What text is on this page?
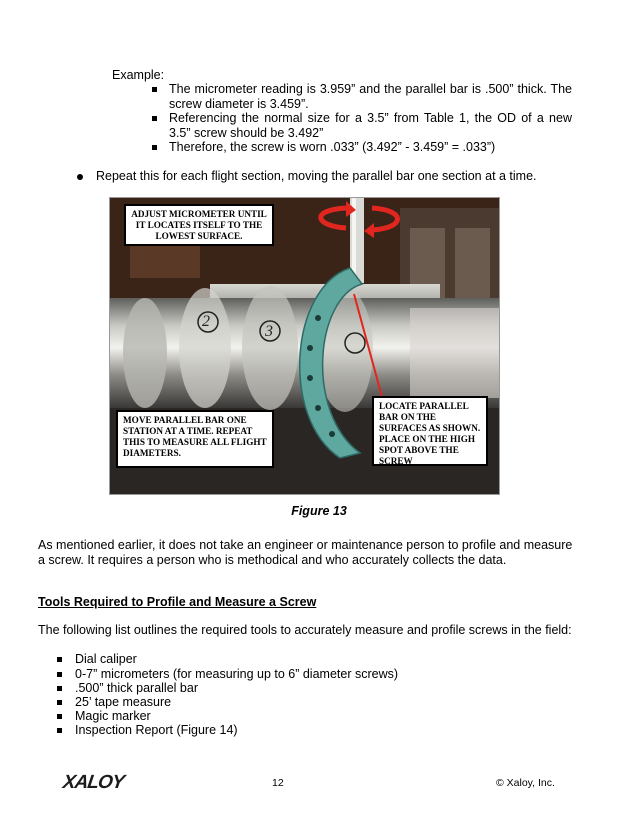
Example:
The micrometer reading is 3.959” and the parallel bar is .500” thick. The screw diameter is 3.459”.
Referencing the normal size for a 3.5” from Table 1, the OD of a new 3.5” screw should be 3.492”
Therefore, the screw is worn .033” (3.492” - 3.459” = .033”)
Repeat this for each flight section, moving the parallel bar one section at a time.
2
3
ADJUST MICROMETER UNTIL IT LOCATES ITSELF TO THE LOWEST SURFACE.
MOVE PARALLEL BAR ONE STATION AT A TIME. REPEAT THIS TO MEASURE ALL FLIGHT DIAMETERS.
LOCATE PARALLEL BAR ON THE SURFACES AS SHOWN. PLACE ON THE HIGH SPOT ABOVE THE SCREW
Figure 13
As mentioned earlier, it does not take an engineer or maintenance person to profile and measure a screw. It requires a person who is methodical and who accurately collects the data.
Tools Required to Profile and Measure a Screw
The following list outlines the required tools to accurately measure and profile screws in the field:
Dial caliper
0-7” micrometers (for measuring up to 6” diameter screws)
.500” thick parallel bar
25’ tape measure
Magic marker
Inspection Report (Figure 14)
XALOY	12	© Xaloy, Inc.
